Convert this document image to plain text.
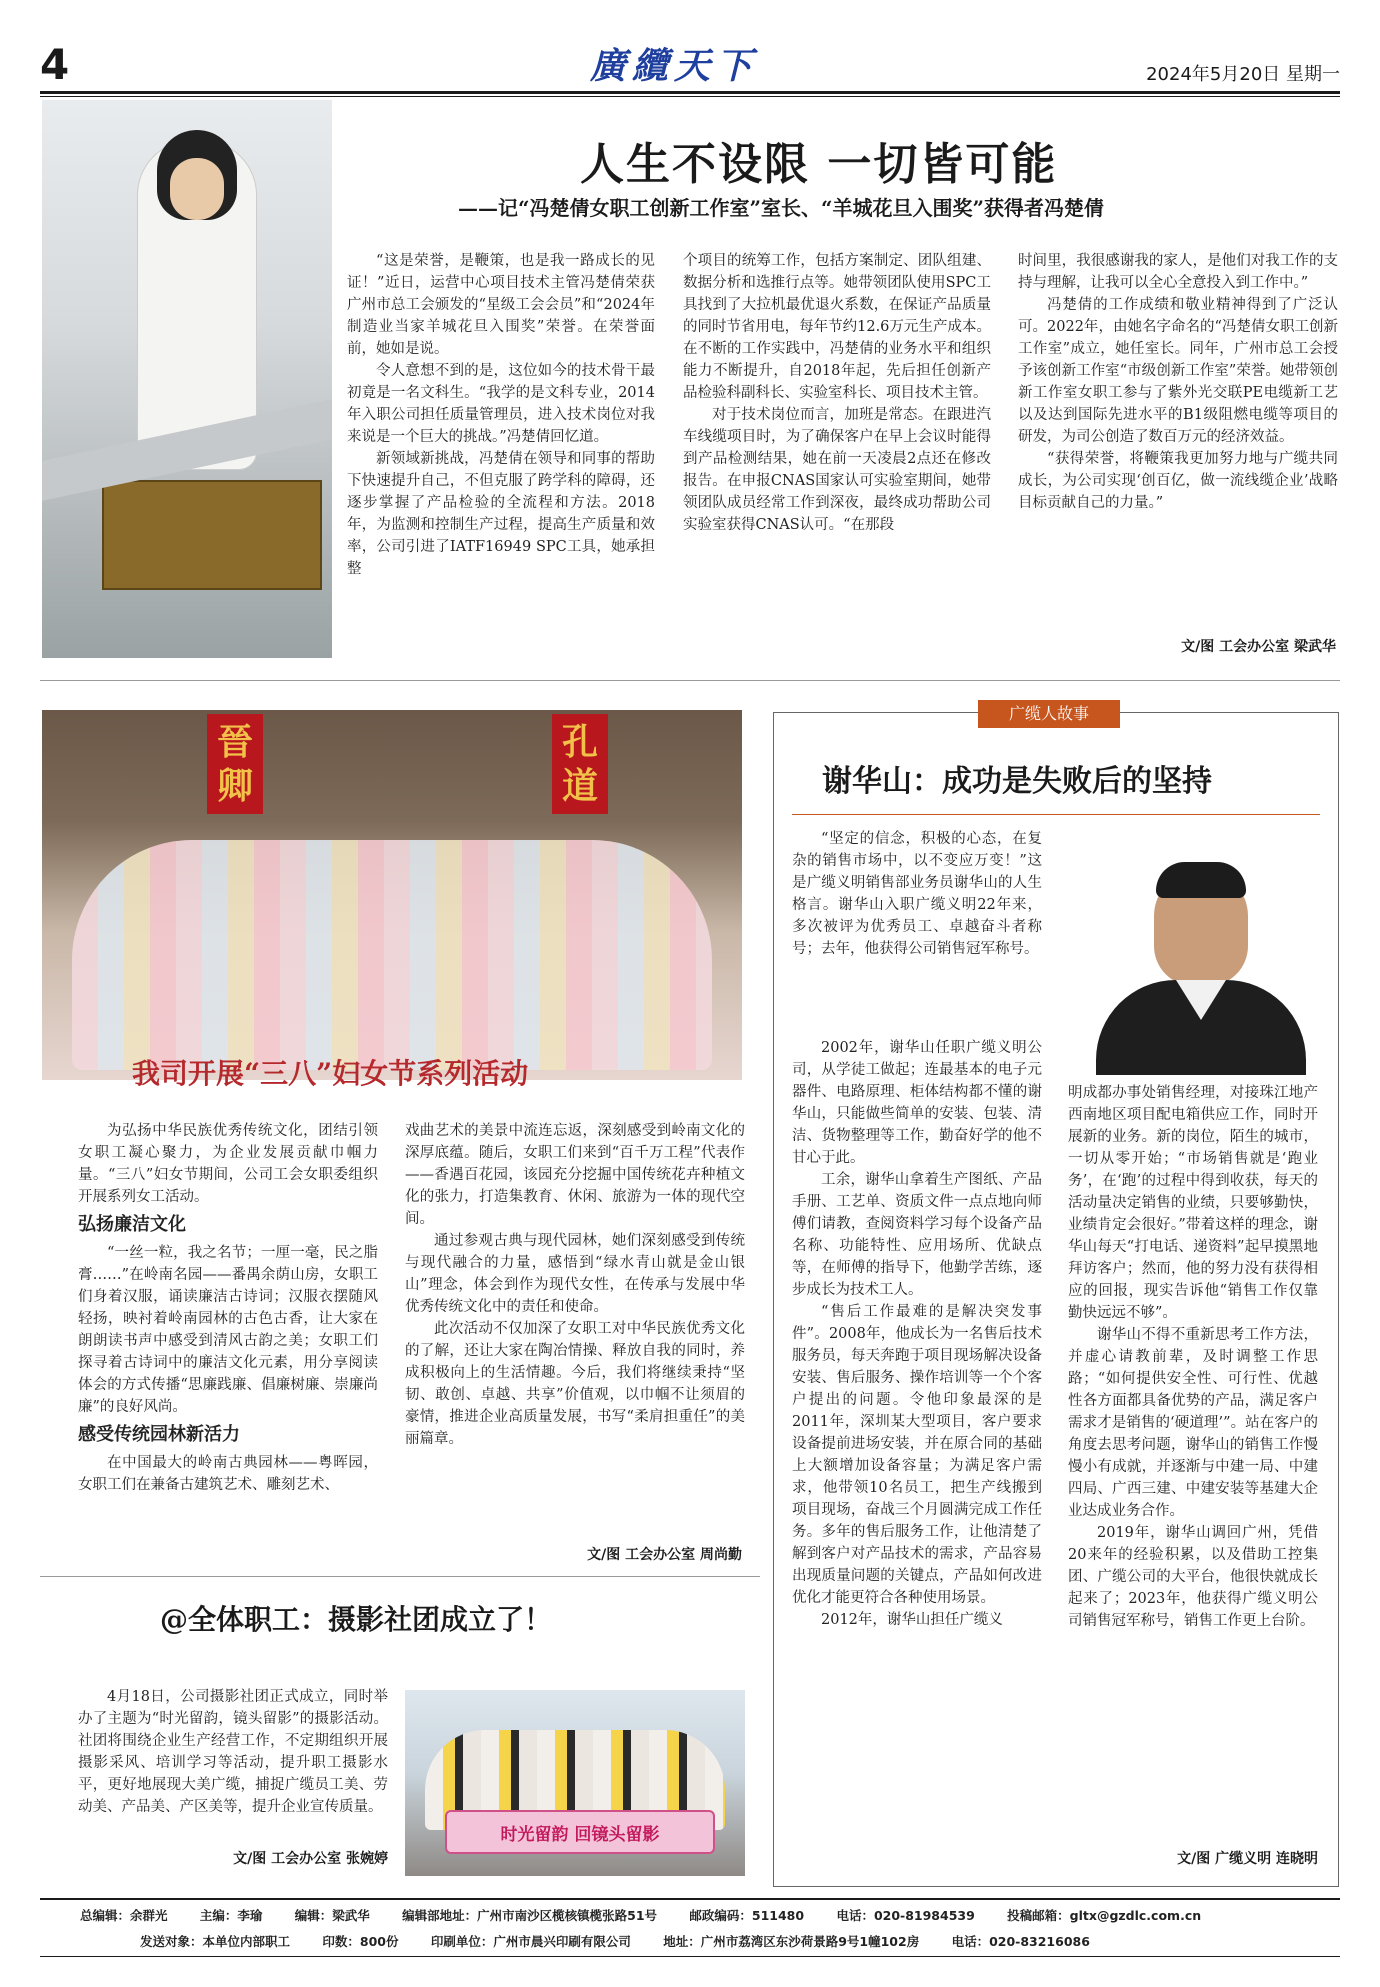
4	廣纜天下	2024年5月20日 星期一
人生不设限 一切皆可能
——记“冯楚倩女职工创新工作室”室长、“羊城花旦入围奖”获得者冯楚倩

“这是荣誉，是鞭策，也是我一路成长的见证！”近日，运营中心项目技术主管冯楚倩荣获广州市总工会颁发的“星级工会会员”和“2024年制造业当家羊城花旦入围奖”荣誉。在荣誉面前，她如是说。

令人意想不到的是，这位如今的技术骨干最初竟是一名文科生。“我学的是文科专业，2014年入职公司担任质量管理员，进入技术岗位对我来说是一个巨大的挑战。”冯楚倩回忆道。

新领域新挑战，冯楚倩在领导和同事的帮助下快速提升自己，不但克服了跨学科的障碍，还逐步掌握了产品检验的全流程和方法。2018年，为监测和控制生产过程，提高生产质量和效率，公司引进了IATF16949 SPC工具，她承担整

个项目的统筹工作，包括方案制定、团队组建、数据分析和选推行点等。她带领团队使用SPC工具找到了大拉机最优退火系数，在保证产品质量的同时节省用电，每年节约12.6万元生产成本。在不断的工作实践中，冯楚倩的业务水平和组织能力不断提升，自2018年起，先后担任创新产品检验科副科长、实验室科长、项目技术主管。

对于技术岗位而言，加班是常态。在跟进汽车线缆项目时，为了确保客户在早上会议时能得到产品检测结果，她在前一天凌晨2点还在修改报告。在申报CNAS国家认可实验室期间，她带领团队成员经常工作到深夜，最终成功帮助公司实验室获得CNAS认可。“在那段

时间里，我很感谢我的家人，是他们对我工作的支持与理解，让我可以全心全意投入到工作中。”

冯楚倩的工作成绩和敬业精神得到了广泛认可。2022年，由她名字命名的“冯楚倩女职工创新工作室”成立，她任室长。同年，广州市总工会授予该创新工作室“市级创新工作室”荣誉。她带领创新工作室女职工参与了紫外光交联PE电缆新工艺以及达到国际先进水平的B1级阻燃电缆等项目的研发，为司公创造了数百万元的经济效益。

“获得荣誉，将鞭策我更加努力地与广缆共同成长，为公司实现‘创百亿，做一流线缆企业’战略目标贡献自己的力量。”

文/图 工会办公室 梁武华
晉卿
孔道
我司开展“三八”妇女节系列活动

为弘扬中华民族优秀传统文化，团结引领女职工凝心聚力，为企业发展贡献巾帼力量。“三八”妇女节期间，公司工会女职委组织开展系列女工活动。

弘扬廉洁文化

“一丝一粒，我之名节；一厘一毫，民之脂膏……”在岭南名园——番禺余荫山房，女职工们身着汉服，诵读廉洁古诗词；汉服衣摆随风轻扬，映衬着岭南园林的古色古香，让大家在朗朗读书声中感受到清风古韵之美；女职工们探寻着古诗词中的廉洁文化元素，用分享阅读体会的方式传播“思廉践廉、倡廉树廉、崇廉尚廉”的良好风尚。

感受传统园林新活力

在中国最大的岭南古典园林——粤晖园，女职工们在兼备古建筑艺术、雕刻艺术、

戏曲艺术的美景中流连忘返，深刻感受到岭南文化的深厚底蕴。随后，女职工们来到“百千万工程”代表作——香遇百花园，该园充分挖掘中国传统花卉种植文化的张力，打造集教育、休闲、旅游为一体的现代空间。

通过参观古典与现代园林，她们深刻感受到传统与现代融合的力量，感悟到“绿水青山就是金山银山”理念，体会到作为现代女性，在传承与发展中华优秀传统文化中的责任和使命。

此次活动不仅加深了女职工对中华民族优秀文化的了解，还让大家在陶冶情操、释放自我的同时，养成积极向上的生活情趣。今后，我们将继续秉持“坚韧、敢创、卓越、共享”价值观，以巾帼不让须眉的豪情，推进企业高质量发展，书写“柔肩担重任”的美丽篇章。

文/图 工会办公室 周尚勤
@全体职工：摄影社团成立了！

4月18日，公司摄影社团正式成立，同时举办了主题为“时光留韵，镜头留影”的摄影活动。社团将围绕企业生产经营工作，不定期组织开展摄影采风、培训学习等活动，提升职工摄影水平，更好地展现大美广缆，捕捉广缆员工美、劳动美、产品美、产区美等，提升企业宣传质量。

文/图 工会办公室 张婉婷
时光留韵 回镜头留影
广缆人故事
谢华山：成功是失败后的坚持

“坚定的信念，积极的心态，在复杂的销售市场中，以不变应万变！”这是广缆义明销售部业务员谢华山的人生格言。谢华山入职广缆义明22年来，多次被评为优秀员工、卓越奋斗者称号；去年，他获得公司销售冠军称号。

2002年，谢华山任职广缆义明公司，从学徒工做起；连最基本的电子元器件、电路原理、柜体结构都不懂的谢华山，只能做些简单的安装、包装、清洁、货物整理等工作，勤奋好学的他不甘心于此。

工余，谢华山拿着生产图纸、产品手册、工艺单、资质文件一点点地向师傅们请教，查阅资料学习每个设备产品名称、功能特性、应用场所、优缺点等，在师傅的指导下，他勤学苦练，逐步成长为技术工人。

“售后工作最难的是解决突发事件”。2008年，他成长为一名售后技术服务员，每天奔跑于项目现场解决设备安装、售后服务、操作培训等一个个客户提出的问题。令他印象最深的是2011年，深圳某大型项目，客户要求设备提前进场安装，并在原合同的基础上大额增加设备容量；为满足客户需求，他带领10名员工，把生产线搬到项目现场，奋战三个月圆满完成工作任务。多年的售后服务工作，让他清楚了解到客户对产品技术的需求，产品容易出现质量问题的关键点，产品如何改进优化才能更符合各种使用场景。

2012年，谢华山担任广缆义

明成都办事处销售经理，对接珠江地产西南地区项目配电箱供应工作，同时开展新的业务。新的岗位，陌生的城市，一切从零开始；“市场销售就是‘跑业务’，在‘跑’的过程中得到收获，每天的活动量决定销售的业绩，只要够勤快，业绩肯定会很好。”带着这样的理念，谢华山每天“打电话、递资料”起早摸黑地拜访客户；然而，他的努力没有获得相应的回报，现实告诉他“销售工作仅靠勤快远远不够”。

谢华山不得不重新思考工作方法，并虚心请教前辈，及时调整工作思路；“如何提供安全性、可行性、优越性各方面都具备优势的产品，满足客户需求才是销售的‘硬道理’”。站在客户的角度去思考问题，谢华山的销售工作慢慢小有成就，并逐渐与中建一局、中建四局、广西三建、中建安装等基建大企业达成业务合作。

2019年，谢华山调回广州，凭借20来年的经验积累，以及借助工控集团、广缆公司的大平台，他很快就成长起来了；2023年，他获得广缆义明公司销售冠军称号，销售工作更上台阶。

文/图 广缆义明 连晓明
总编辑：余群光	主编：李瑜	编辑：梁武华	编辑部地址：广州市南沙区榄核镇榄张路51号	邮政编码：511480	电话：020-81984539	投稿邮箱：gltx@gzdlc.com.cn
发送对象：本单位内部职工	印数：800份	印刷单位：广州市晨兴印刷有限公司	地址：广州市荔湾区东沙荷景路9号1幢102房	电话：020-83216086
